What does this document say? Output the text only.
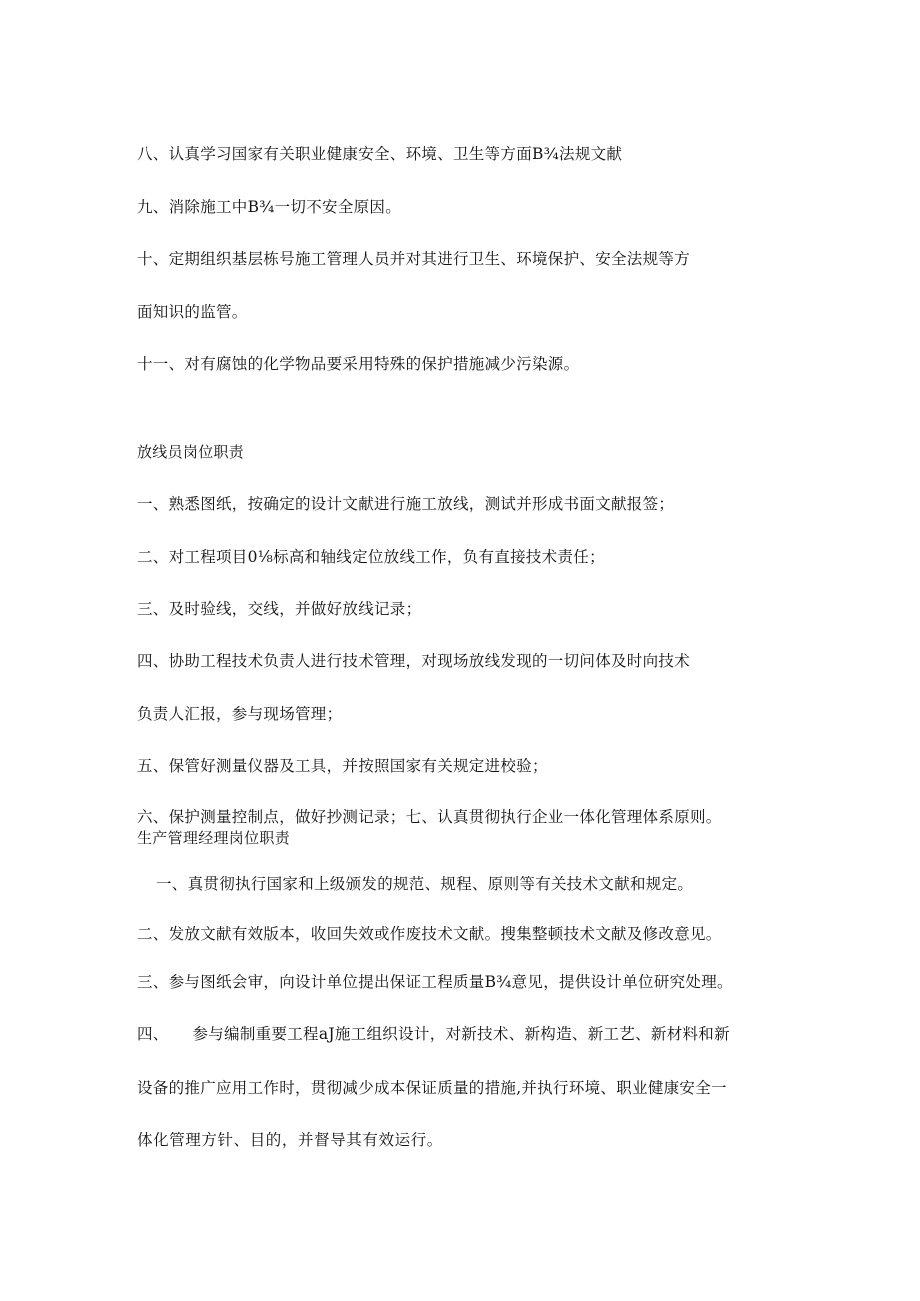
八、认真学习国家有关职业健康安全、环境、卫生等方面B¾法规文献
九、消除施工中B¾一切不安全原因。
十、定期组织基层栋号施工管理人员并对其进行卫生、环境保护、安全法规等方
面知识的监管。
十一、对有腐蚀的化学物品要采用特殊的保护措施减少污染源。
放线员岗位职责
一、熟悉图纸，按确定的设计文献进行施工放线，测试并形成书面文献报签；
二、对工程项目0⅛标高和轴线定位放线工作，负有直接技术责任；
三、及时验线，交线，并做好放线记录；
四、协助工程技术负责人进行技术管理，对现场放线发现的一切问体及时向技术
负责人汇报，参与现场管理；
五、保管好测量仪器及工具，并按照国家有关规定进校验；
六、保护测量控制点，做好抄测记录；七、认真贯彻执行企业一体化管理体系原则。
生产管理经理岗位职责
一、真贯彻执行国家和上级颁发的规范、规程、原则等有关技术文献和规定。
二、发放文献有效版本，收回失效或作废技术文献。搜集整顿技术文献及修改意见。
三、参与图纸会审，向设计单位提出保证工程质量B¾意见，提供设计单位研究处理。
四、　　参与编制重要工程aJ施工组织设计，对新技术、新构造、新工艺、新材料和新
设备的推广应用工作时，贯彻减少成本保证质量的措施,并执行环境、职业健康安全一
体化管理方针、目的，并督导其有效运行。
